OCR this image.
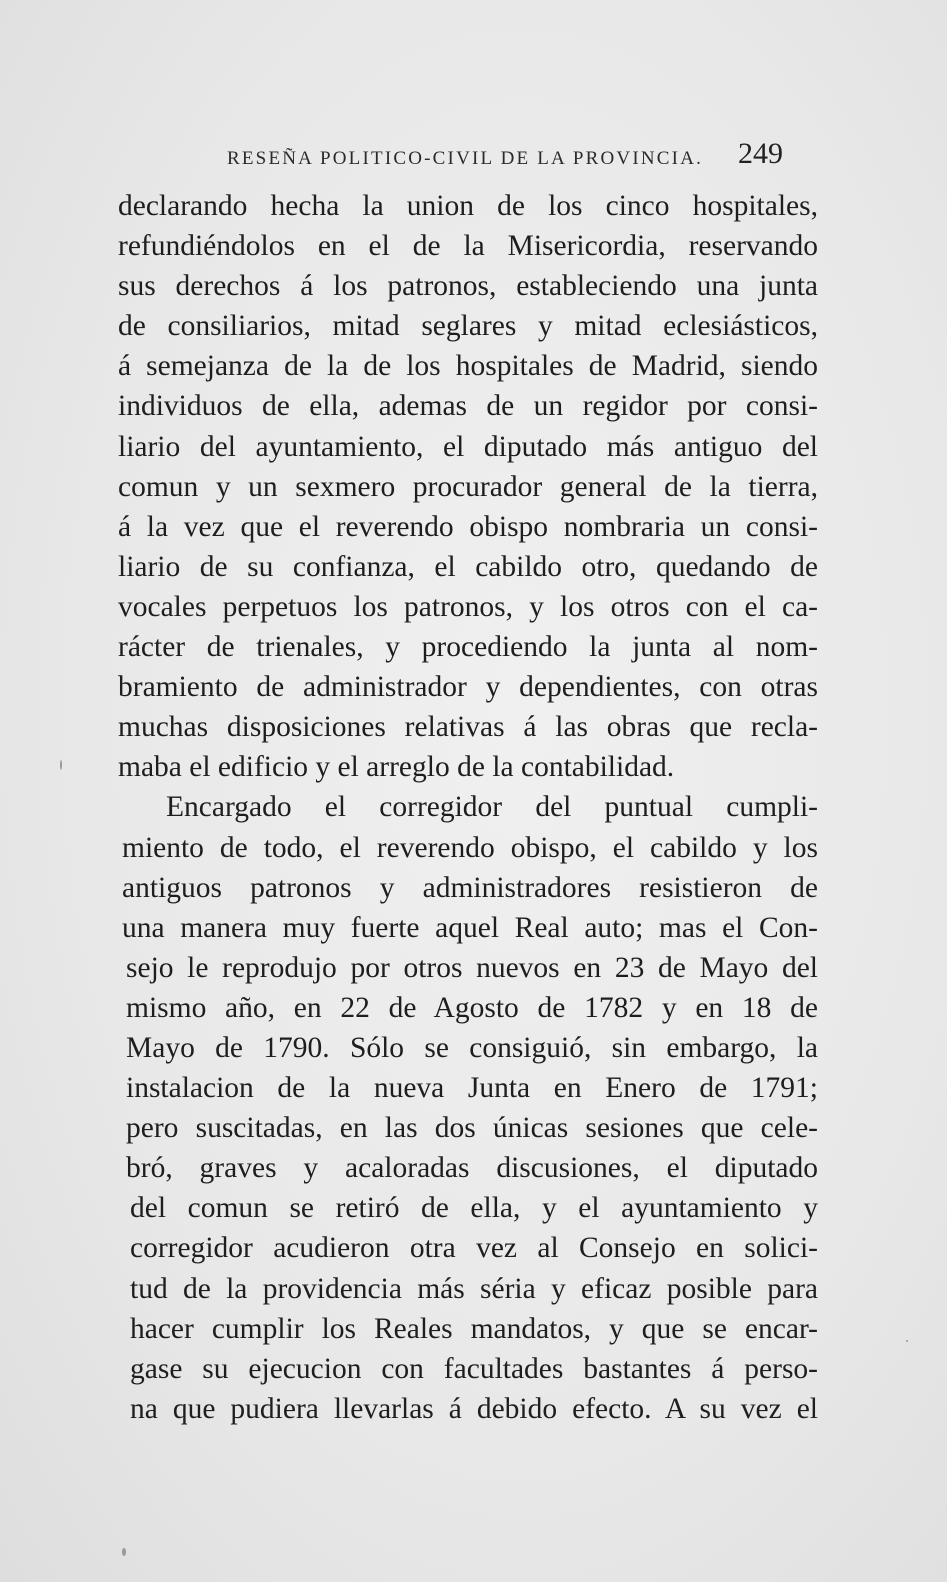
RESEÑA POLITICO-CIVIL DE LA PROVINCIA. 249
declarando hecha la union de los cinco hospitales,
refundiéndolos en el de la Misericordia, reservando
sus derechos á los patronos, estableciendo una junta
de consiliarios, mitad seglares y mitad eclesiásticos,
á semejanza de la de los hospitales de Madrid, siendo
individuos de ella, ademas de un regidor por consi-
liario del ayuntamiento, el diputado más antiguo del
comun y un sexmero procurador general de la tierra,
á la vez que el reverendo obispo nombraria un consi-
liario de su confianza, el cabildo otro, quedando de
vocales perpetuos los patronos, y los otros con el ca-
rácter de trienales, y procediendo la junta al nom-
bramiento de administrador y dependientes, con otras
muchas disposiciones relativas á las obras que recla-
maba el edificio y el arreglo de la contabilidad.
Encargado el corregidor del puntual cumpli-
miento de todo, el reverendo obispo, el cabildo y los
antiguos patronos y administradores resistieron de
una manera muy fuerte aquel Real auto; mas el Con-
sejo le reprodujo por otros nuevos en 23 de Mayo del
mismo año, en 22 de Agosto de 1782 y en 18 de
Mayo de 1790. Sólo se consiguió, sin embargo, la
instalacion de la nueva Junta en Enero de 1791;
pero suscitadas, en las dos únicas sesiones que cele-
bró, graves y acaloradas discusiones, el diputado
del comun se retiró de ella, y el ayuntamiento y
corregidor acudieron otra vez al Consejo en solici-
tud de la providencia más séria y eficaz posible para
hacer cumplir los Reales mandatos, y que se encar-
gase su ejecucion con facultades bastantes á perso-
na que pudiera llevarlas á debido efecto. A su vez el
